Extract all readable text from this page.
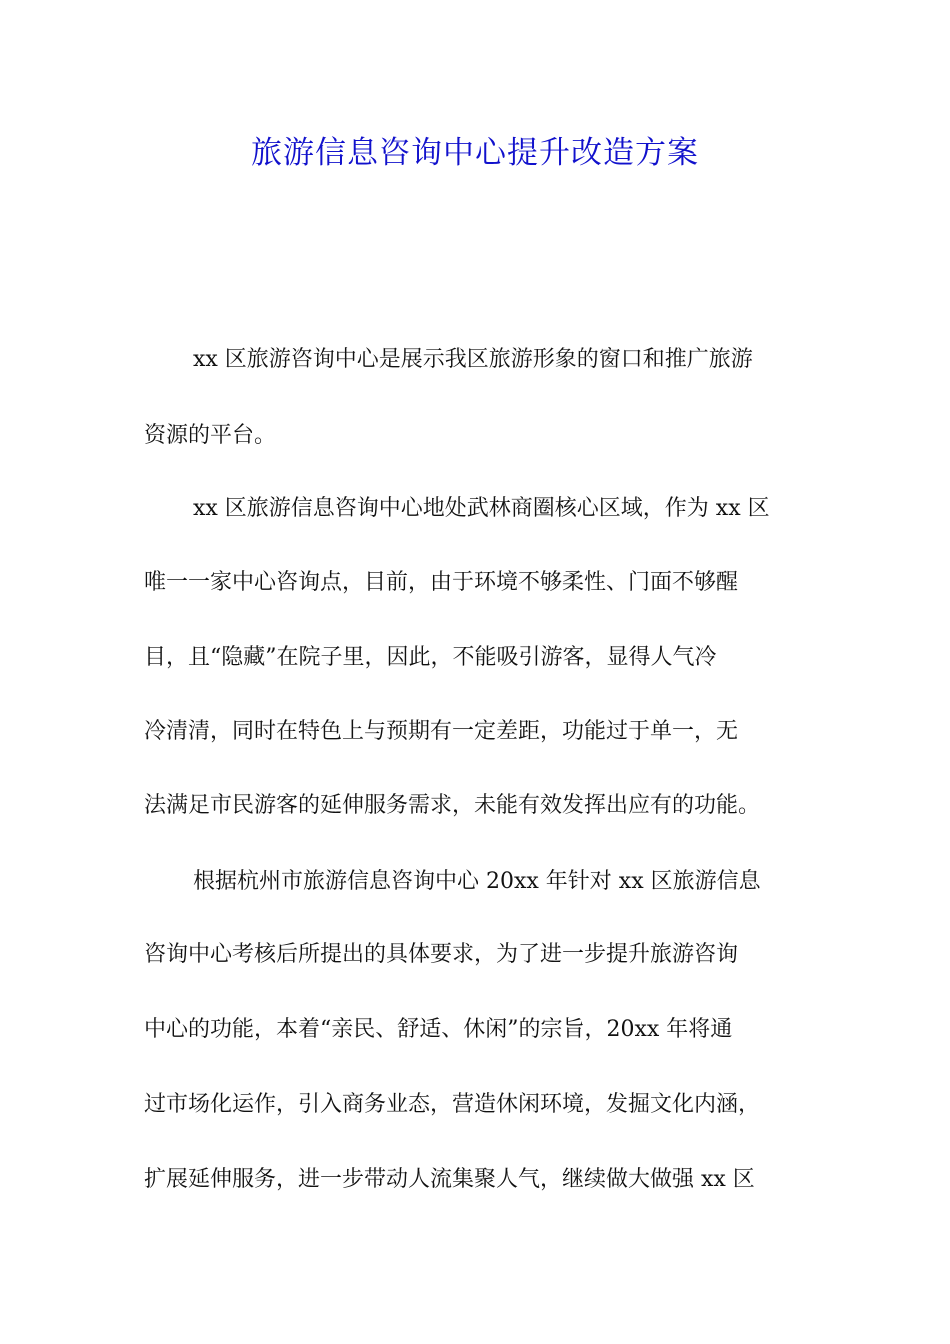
旅游信息咨询中心提升改造方案
xx 区旅游咨询中心是展示我区旅游形象的窗口和推广旅游
资源的平台。
xx 区旅游信息咨询中心地处武林商圈核心区域，作为 xx 区
唯一一家中心咨询点，目前，由于环境不够柔性、门面不够醒
目，且“隐藏”在院子里，因此，不能吸引游客，显得人气冷
冷清清，同时在特色上与预期有一定差距，功能过于单一，无
法满足市民游客的延伸服务需求，未能有效发挥出应有的功能。
根据杭州市旅游信息咨询中心 20xx 年针对 xx 区旅游信息
咨询中心考核后所提出的具体要求，为了进一步提升旅游咨询
中心的功能，本着“亲民、舒适、休闲”的宗旨，20xx 年将通
过市场化运作，引入商务业态，营造休闲环境，发掘文化内涵，
扩展延伸服务，进一步带动人流集聚人气，继续做大做强 xx 区
